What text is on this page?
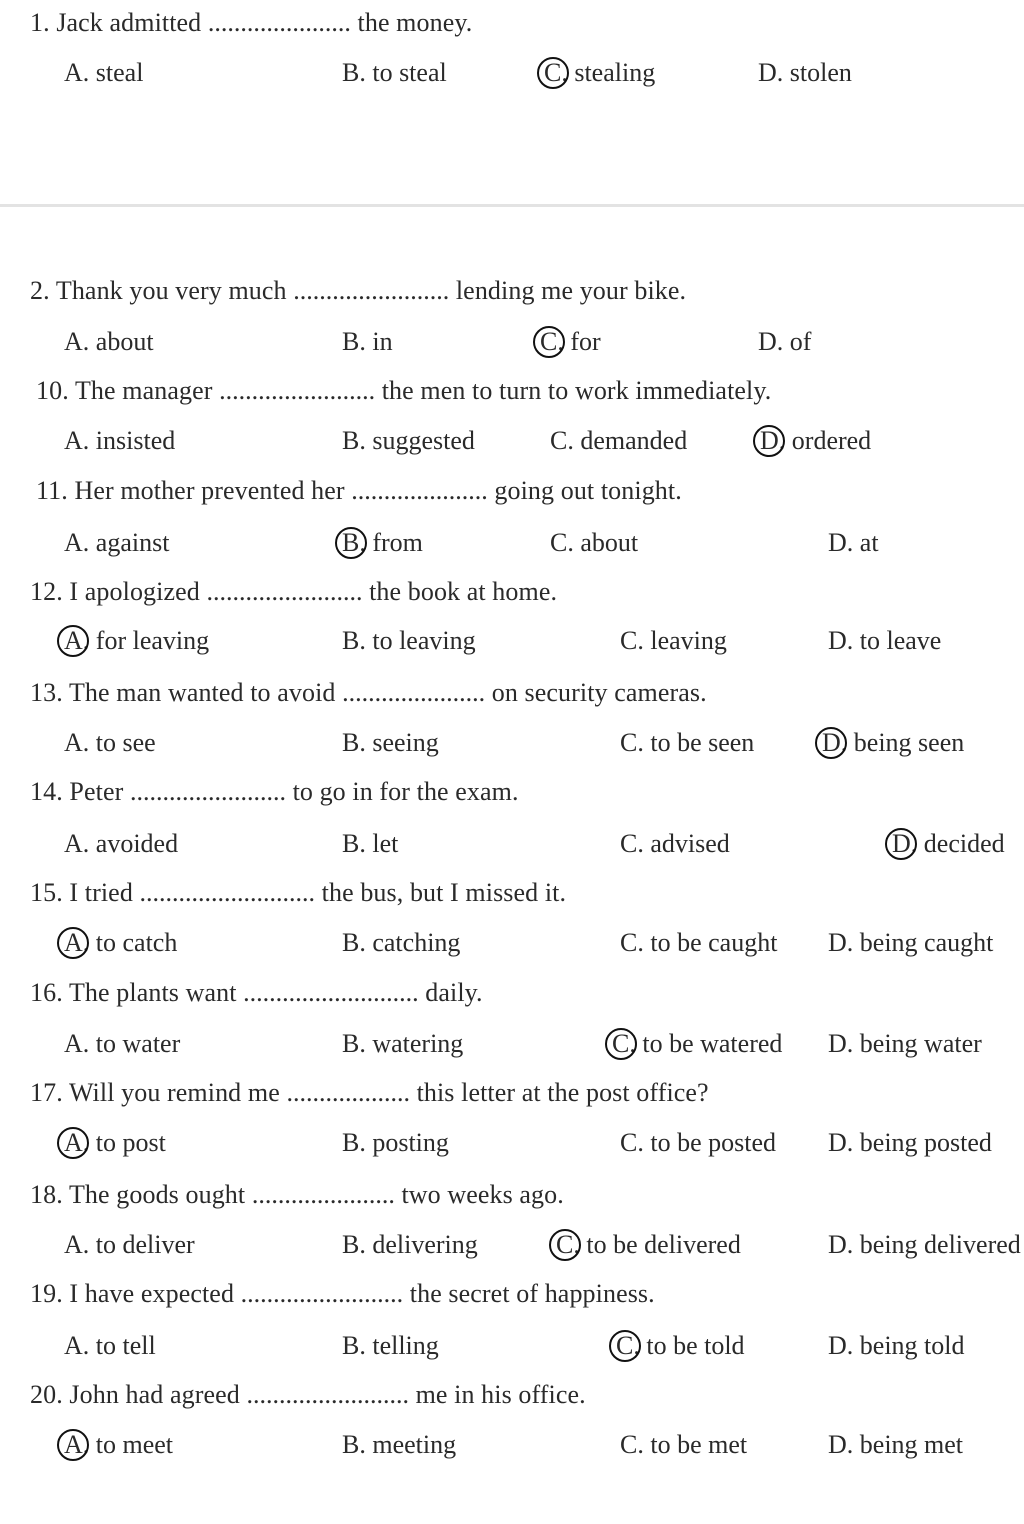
1. Jack admitted ...................... the money.
A. steal	B. to steal	C. stealing	D. stolen
2. Thank you very much ........................ lending me your bike.
A. about	B. in	C. for	D. of
10. The manager ........................ the men to turn to work immediately.
A. insisted	B. suggested	C. demanded	D. ordered
11. Her mother prevented her ..................... going out tonight.
A. against	B. from	C. about	D. at
12. I apologized ........................ the book at home.
A. for leaving	B. to leaving	C. leaving	D. to leave
13. The man wanted to avoid ...................... on security cameras.
A. to see	B. seeing	C. to be seen	D. being seen
14. Peter ........................ to go in for the exam.
A. avoided	B. let	C. advised	D. decided
15. I tried ........................... the bus, but I missed it.
A. to catch	B. catching	C. to be caught D. being caught
16. The plants want ........................... daily.
A. to water	B. watering	C. to be watered D. being water
17. Will you remind me ................... this letter at the post office?
A. to post	B. posting	C. to be posted D. being posted
18. The goods ought ...................... two weeks ago.
A. to deliver	B. delivering	C. to be delivered	D. being delivered
19. I have expected ......................... the secret of happiness.
A. to tell	B. telling	C. to be told	D. being told
20. John had agreed ......................... me in his office.
A. to meet	B. meeting	C. to be met	D. being met
